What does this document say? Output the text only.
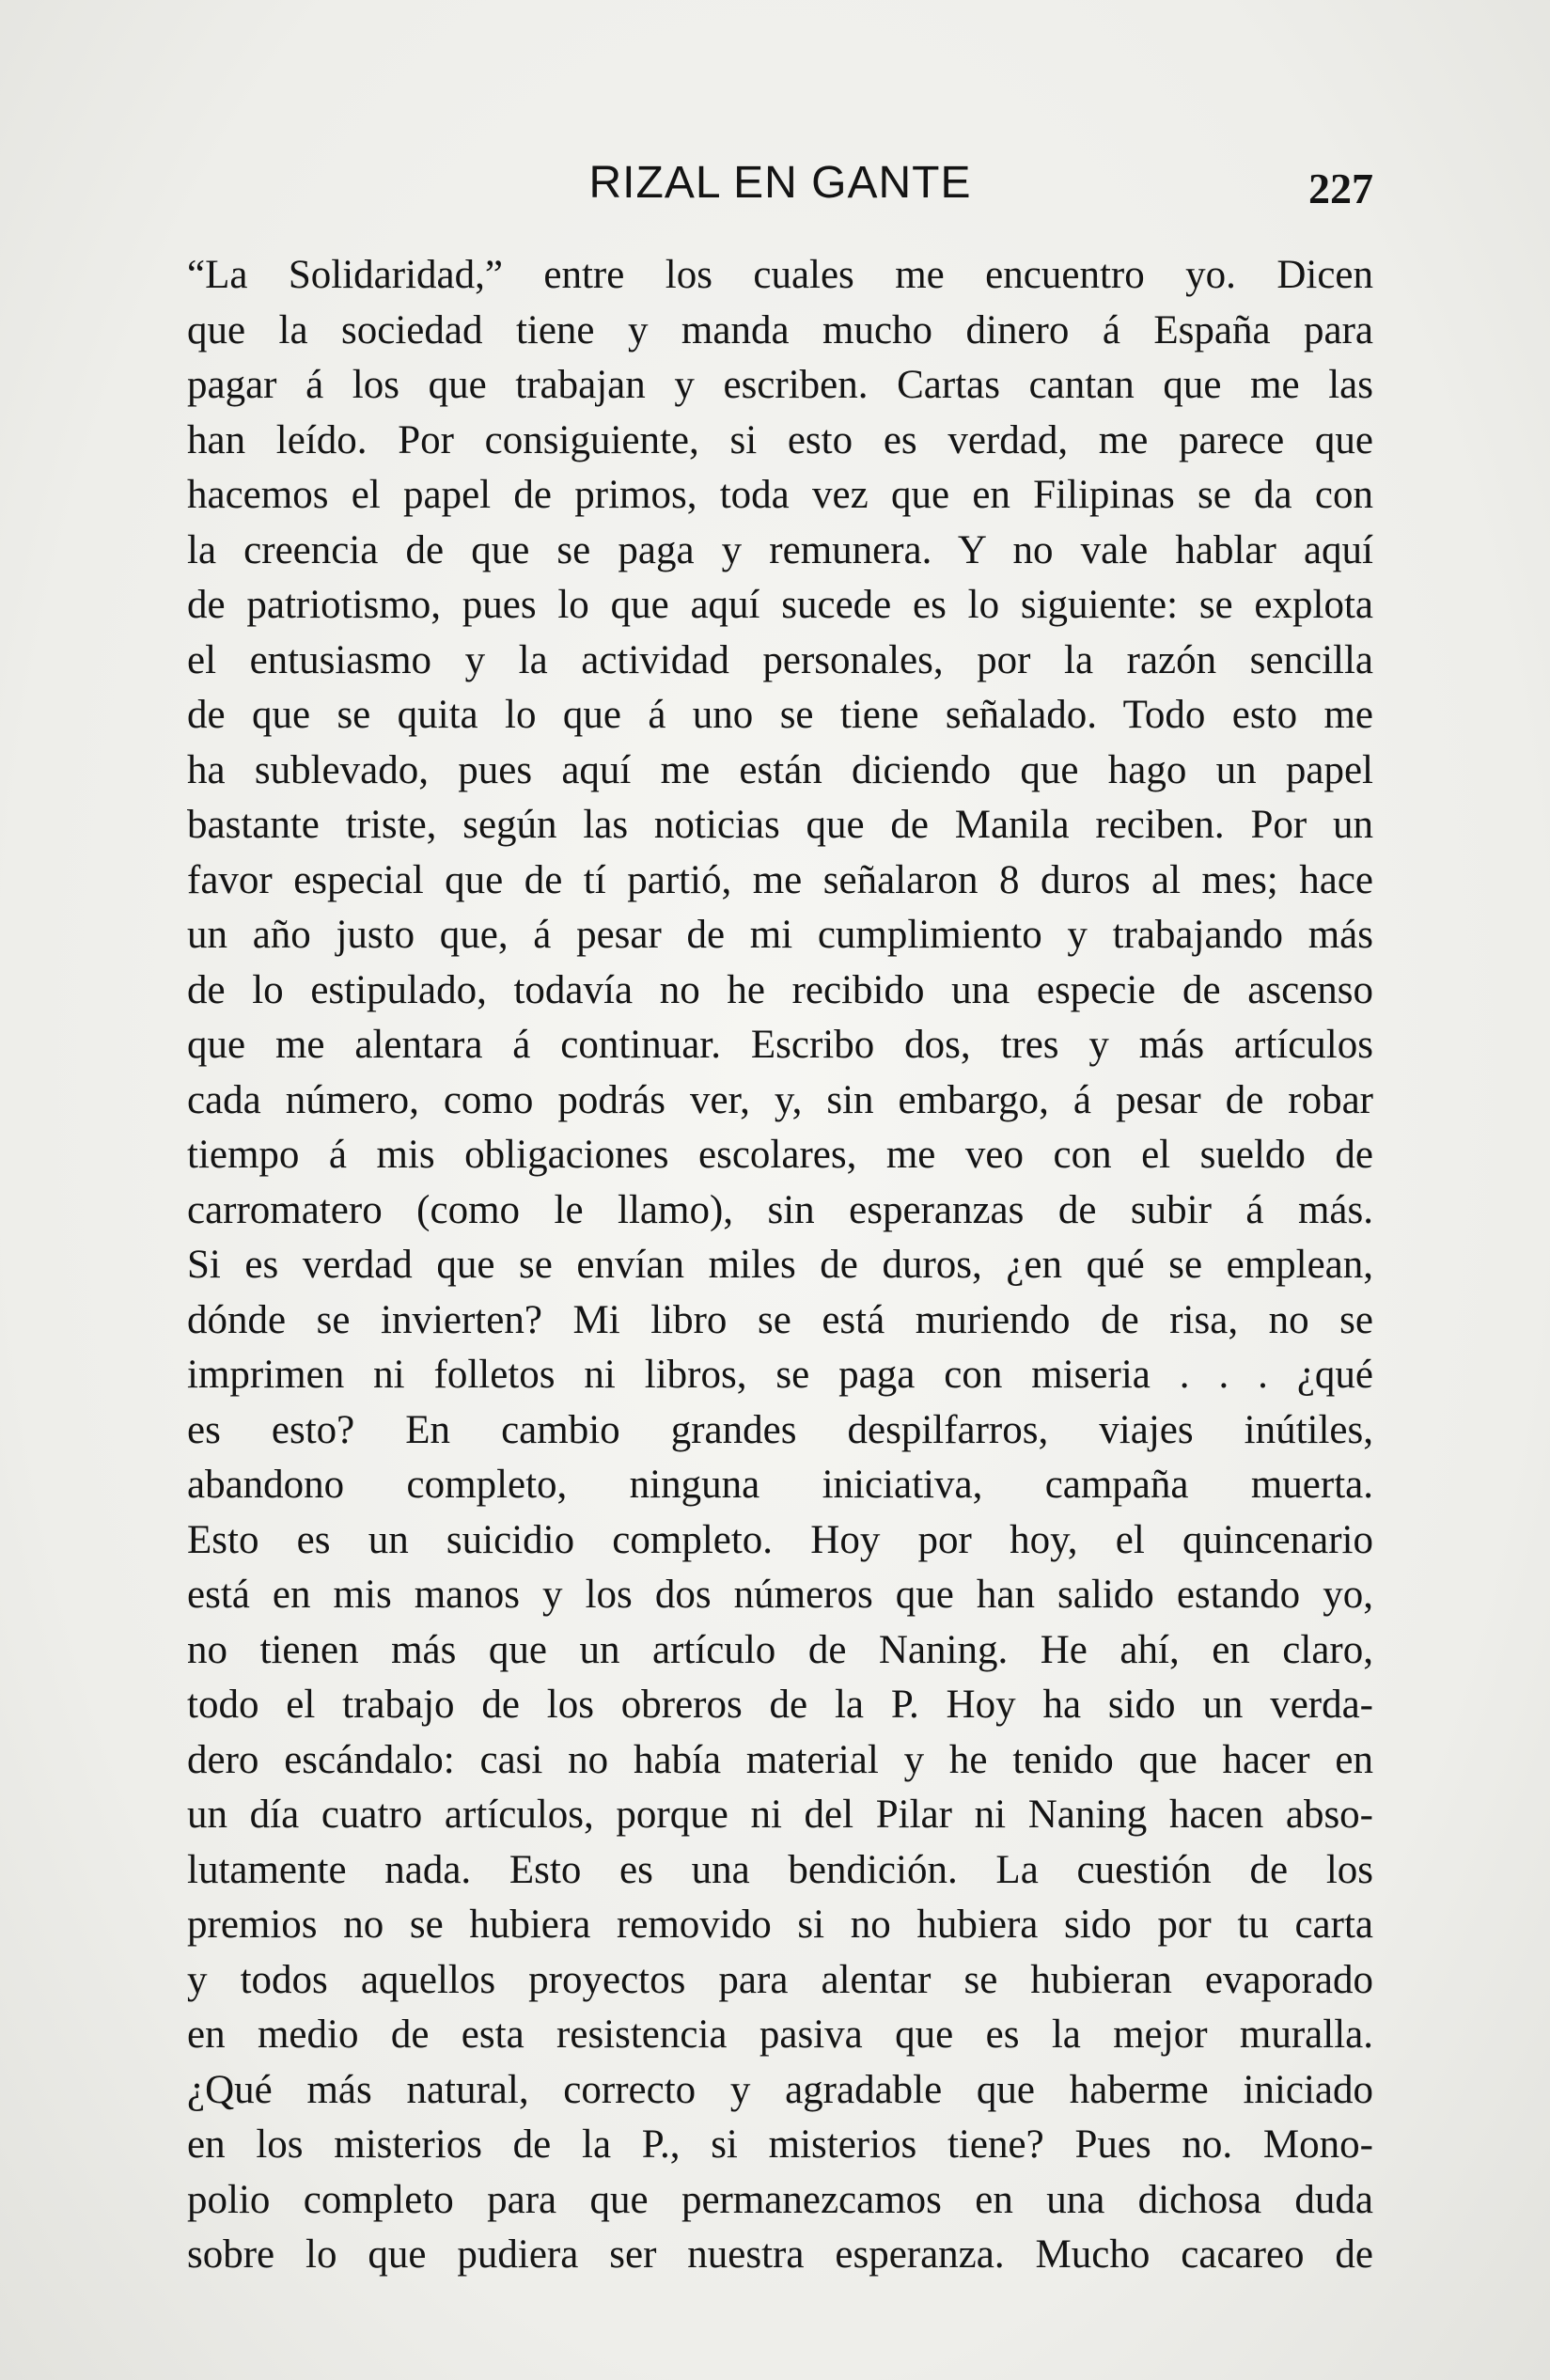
RIZAL EN GANTE	227
“La Solidaridad,” entre los cuales me encuentro yo. Dicen
que la sociedad tiene y manda mucho dinero á España para
pagar á los que trabajan y escriben. Cartas cantan que me las
han leído. Por consiguiente, si esto es verdad, me parece que
hacemos el papel de primos, toda vez que en Filipinas se da con
la creencia de que se paga y remunera. Y no vale hablar aquí
de patriotismo, pues lo que aquí sucede es lo siguiente: se explota
el entusiasmo y la actividad personales, por la razón sencilla
de que se quita lo que á uno se tiene señalado. Todo esto me
ha sublevado, pues aquí me están diciendo que hago un papel
bastante triste, según las noticias que de Manila reciben. Por un
favor especial que de tí partió, me señalaron 8 duros al mes; hace
un año justo que, á pesar de mi cumplimiento y trabajando más
de lo estipulado, todavía no he recibido una especie de ascenso
que me alentara á continuar. Escribo dos, tres y más artículos
cada número, como podrás ver, y, sin embargo, á pesar de robar
tiempo á mis obligaciones escolares, me veo con el sueldo de
carromatero (como le llamo), sin esperanzas de subir á más.
Si es verdad que se envían miles de duros, ¿en qué se emplean,
dónde se invierten? Mi libro se está muriendo de risa, no se
imprimen ni folletos ni libros, se paga con miseria . . . ¿qué
es esto? En cambio grandes despilfarros, viajes inútiles,
abandono completo, ninguna iniciativa, campaña muerta.
Esto es un suicidio completo. Hoy por hoy, el quincenario
está en mis manos y los dos números que han salido estando yo,
no tienen más que un artículo de Naning. He ahí, en claro,
todo el trabajo de los obreros de la P. Hoy ha sido un verda-
dero escándalo: casi no había material y he tenido que hacer en
un día cuatro artículos, porque ni del Pilar ni Naning hacen abso-
lutamente nada. Esto es una bendición. La cuestión de los
premios no se hubiera removido si no hubiera sido por tu carta
y todos aquellos proyectos para alentar se hubieran evaporado
en medio de esta resistencia pasiva que es la mejor muralla.
¿Qué más natural, correcto y agradable que haberme iniciado
en los misterios de la P., si misterios tiene? Pues no. Mono-
polio completo para que permanezcamos en una dichosa duda
sobre lo que pudiera ser nuestra esperanza. Mucho cacareo de
